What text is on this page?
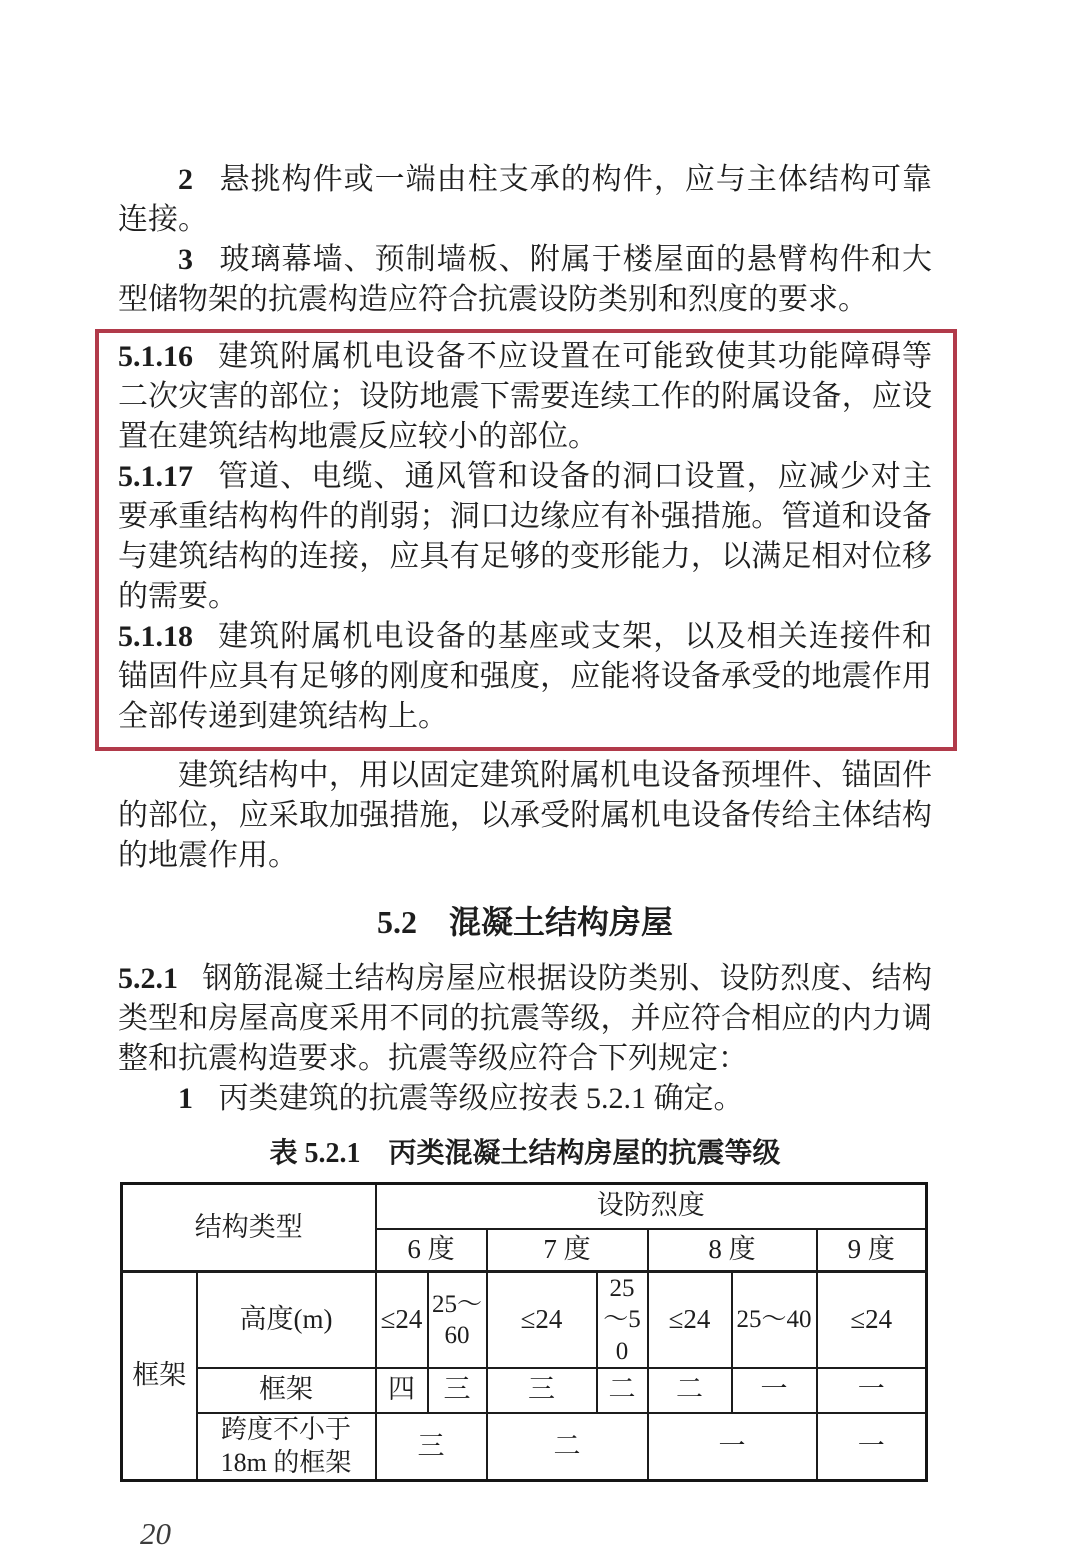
2 悬挑构件或一端由柱支承的构件，应与主体结构可靠连接。

3 玻璃幕墙、预制墙板、附属于楼屋面的悬臂构件和大型储物架的抗震构造应符合抗震设防类别和烈度的要求。

5.1.16 建筑附属机电设备不应设置在可能致使其功能障碍等二次灾害的部位；设防地震下需要连续工作的附属设备，应设置在建筑结构地震反应较小的部位。

5.1.17 管道、电缆、通风管和设备的洞口设置，应减少对主要承重结构构件的削弱；洞口边缘应有补强措施。管道和设备与建筑结构的连接，应具有足够的变形能力，以满足相对位移的需要。

5.1.18 建筑附属机电设备的基座或支架，以及相关连接件和锚固件应具有足够的刚度和强度，应能将设备承受的地震作用全部传递到建筑结构上。

建筑结构中，用以固定建筑附属机电设备预埋件、锚固件的部位，应采取加强措施，以承受附属机电设备传给主体结构的地震作用。

5.2　混凝土结构房屋

5.2.1 钢筋混凝土结构房屋应根据设防类别、设防烈度、结构类型和房屋高度采用不同的抗震等级，并应符合相应的内力调整和抗震构造要求。抗震等级应符合下列规定：

1 丙类建筑的抗震等级应按表 5.2.1 确定。

表 5.2.1　丙类混凝土结构房屋的抗震等级

结构类型		设防烈度						
		6 度		7 度		8 度		9 度
框架	高度(m)	≤24	25～60	≤24	25～50	≤24	25～40	≤24
	框架	四	三	三	二	二	一	一
	跨度不小于 18m 的框架	三		二		一		一
20
